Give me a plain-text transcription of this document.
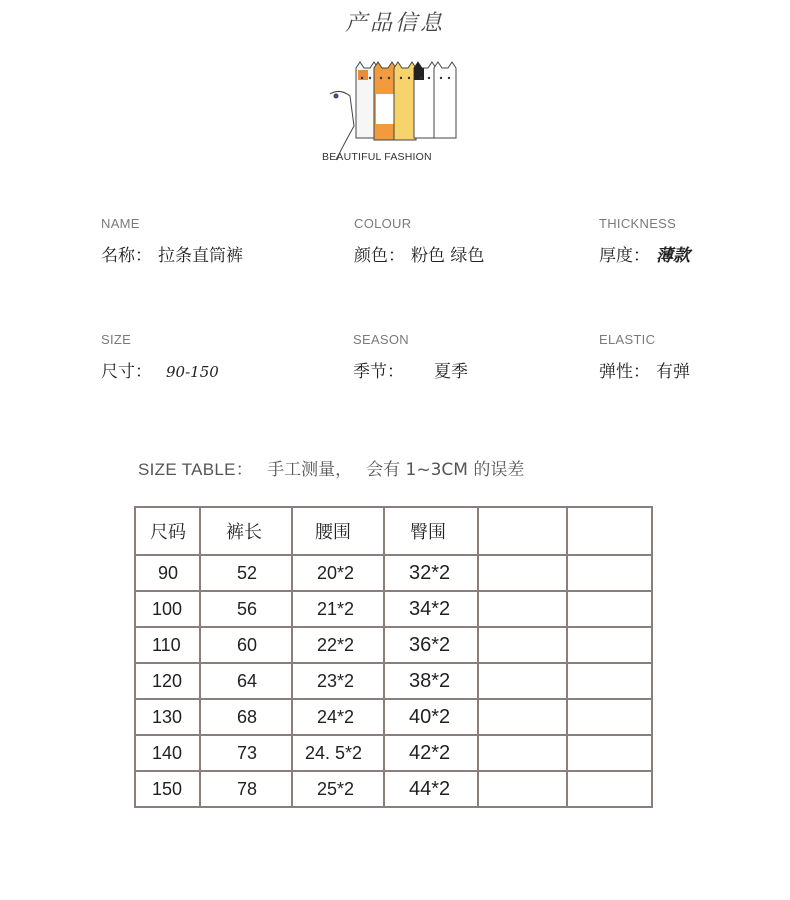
产品信息
BEAUTIFUL FASHION
NAME
名称： 拉条直筒裤
COLOUR
颜色： 粉色 绿色
THICKNESS
厚度： 薄款
SIZE
尺寸： 90-150
SEASON
季节： 夏季
ELASTIC
弹性： 有弹
SIZE TABLE： 手工测量， 会有 1~3CM 的误差
尺码	裤长	腰围	臀围		

90	52	20*2	32*2		

100	56	21*2	34*2		

110	60	22*2	36*2		

120	64	23*2	38*2		

130	68	24*2	40*2		

140	73	24. 5*2	42*2		

150	78	25*2	44*2		
